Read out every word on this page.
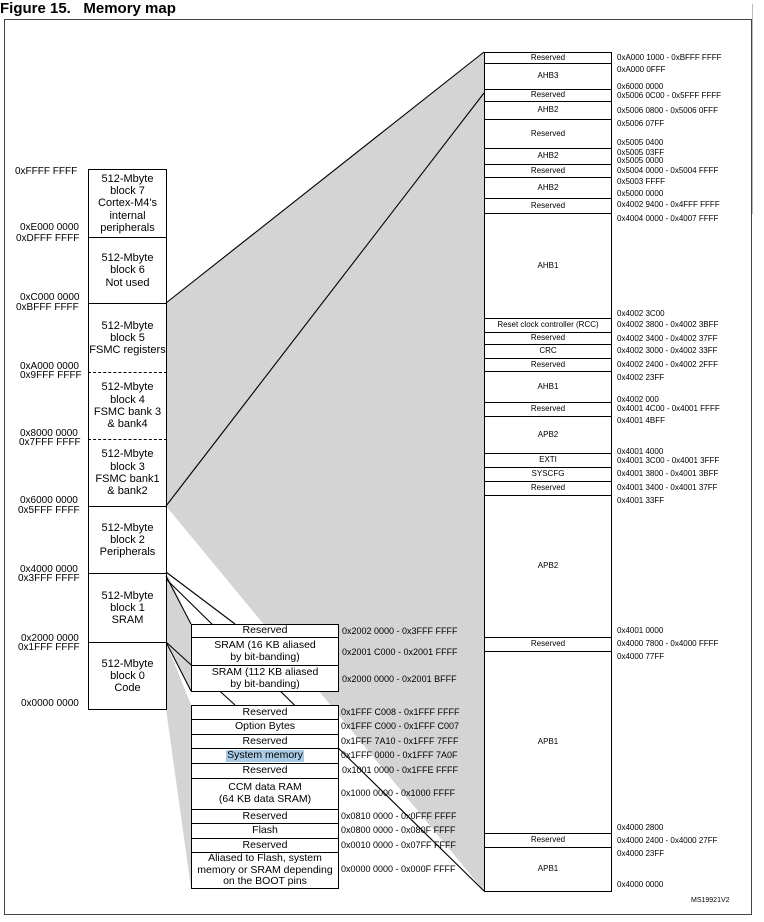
Figure 15. Memory map
512-Mbyte
block 7
Cortex-M4's
internal
peripherals
512-Mbyte
block 6
Not used
512-Mbyte
block 5
FSMC registers
512-Mbyte
block 4
FSMC bank 3
& bank4
512-Mbyte
block 3
FSMC bank1
& bank2
512-Mbyte
block 2
Peripherals
512-Mbyte
block 1
SRAM
512-Mbyte
block 0
Code
0xFFFF FFFF
0xE000 0000
0xDFFF FFFF
0xC000 0000
0xBFFF FFFF
0xA000 0000
0x9FFF FFFF
0x8000 0000
0x7FFF FFFF
0x6000 0000
0x5FFF FFFF
0x4000 0000
0x3FFF FFFF
0x2000 0000
0x1FFF FFFF
0x0000 0000
Reserved
SRAM (16 KB aliased
by bit-banding)
SRAM (112 KB aliased
by bit-banding)
0x2002 0000 - 0x3FFF FFFF
0x2001 C000 - 0x2001 FFFF
0x2000 0000 - 0x2001 BFFF
Reserved
Option Bytes
Reserved
System memory
Reserved
CCM data RAM
(64 KB data SRAM)
Reserved
Flash
Reserved
Aliased to Flash, system
memory or SRAM depending
on the BOOT pins
0x1FFF C008 - 0x1FFF FFFF
0x1FFF C000 - 0x1FFF C007
0x1FFF 7A10 - 0x1FFF 7FFF
0x1FFF 0000 - 0x1FFF 7A0F
0x1001 0000 - 0x1FFE FFFF
0x1000 0000 - 0x1000 FFFF
0x0810 0000 - 0x0FFF FFFF
0x0800 0000 - 0x080F FFFF
0x0010 0000 - 0x07FF FFFF
0x0000 0000 - 0x000F FFFF
Reserved
AHB3
Reserved
AHB2
Reserved
AHB2
Reserved
AHB2
Reserved
AHB1
Reset clock controller (RCC)
Reserved
CRC
Reserved
AHB1
Reserved
APB2
EXTI
SYSCFG
Reserved
APB2
Reserved
APB1
Reserved
APB1
0xA000 1000 - 0xBFFF FFFF
0xA000 0FFF
0x6000 0000
0x5006 0C00 - 0x5FFF FFFF
0x5006 0800 - 0x5006 0FFF
0x5006 07FF
0x5005 0400
0x5005 03FF
0x5005 0000
0x5004 0000 - 0x5004 FFFF
0x5003 FFFF
0x5000 0000
0x4002 9400 - 0x4FFF FFFF
0x4004 0000 - 0x4007 FFFF
0x4002 3C00
0x4002 3800 - 0x4002 3BFF
0x4002 3400 - 0x4002 37FF
0x4002 3000 - 0x4002 33FF
0x4002 2400 - 0x4002 2FFF
0x4002 23FF
0x4002 000
0x4001 4C00 - 0x4001 FFFF
0x4001 4BFF
0x4001 4000
0x4001 3C00 - 0x4001 3FFF
0x4001 3800 - 0x4001 3BFF
0x4001 3400 - 0x4001 37FF
0x4001 33FF
0x4001 0000
0x4000 7800 - 0x4000 FFFF
0x4000 77FF
0x4000 2800
0x4000 2400 - 0x4000 27FF
0x4000 23FF
0x4000 0000
MS19921V2
